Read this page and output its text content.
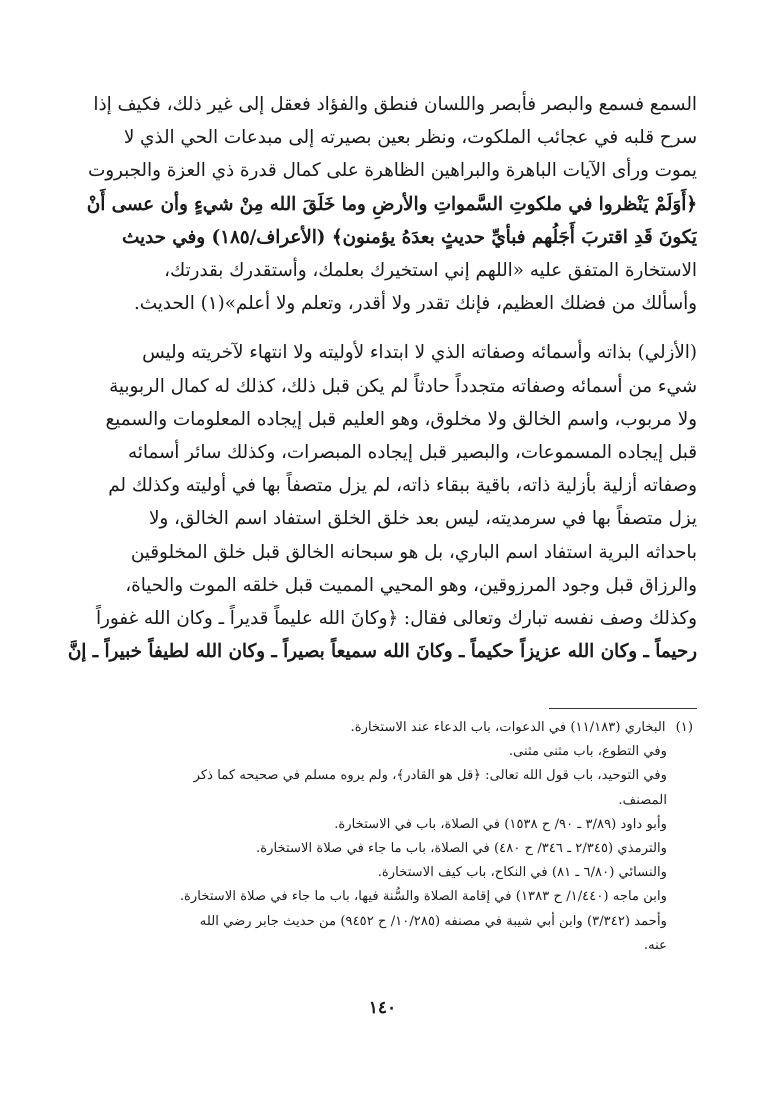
السمع فسمع والبصر فأبصر واللسان فنطق والفؤاد فعقل إلى غير ذلك، فكيف إذا
سرح قلبه في عجائب الملكوت، ونظر بعين بصيرته إلى مبدعات الحي الذي لا
يموت ورأى الآيات الباهرة والبراهين الظاهرة على كمال قدرة ذي العزة والجبروت
﴿أَوَلَمْ يَنْظروا في ملكوتِ السَّمواتِ والأرضِ وما خَلَقَ الله مِنْ شيءٍ وأن عسى أَنْ
يَكونَ قَدِ اقتربَ أَجَلُهم فبأيِّ حديثٍ بعدَهُ يؤمنون﴾ (الأعراف/١٨٥) وفي حديث
الاستخارة المتفق عليه «اللهم إني استخيرك بعلمك، وأستقدرك بقدرتك،
وأسألك من فضلك العظيم، فإنك تقدر ولا أقدر، وتعلم ولا أعلم»(١) الحديث.

(الأزلي) بذاته وأسمائه وصفاته الذي لا ابتداء لأوليته ولا انتهاء لآخريته وليس
شيء من أسمائه وصفاته متجدداً حادثاً لم يكن قبل ذلك، كذلك له كمال الربوبية
ولا مربوب، واسم الخالق ولا مخلوق، وهو العليم قبل إيجاده المعلومات والسميع
قبل إيجاده المسموعات، والبصير قبل إيجاده المبصرات، وكذلك سائر أسمائه
وصفاته أزلية بأزلية ذاته، باقية ببقاء ذاته، لم يزل متصفاً بها في أوليته وكذلك لم
يزل متصفاً بها في سرمديته، ليس بعد خلق الخلق استفاد اسم الخالق، ولا
باحداثه البرية استفاد اسم الباري، بل هو سبحانه الخالق قبل خلق المخلوقين
والرزاق قبل وجود المرزوقين، وهو المحيي المميت قبل خلقه الموت والحياة،
وكذلك وصف نفسه تبارك وتعالى فقال: ﴿وكانَ الله عليماً قديراً ـ وكان الله غفوراً
رحيماً ـ وكان الله عزيزاً حكيماً ـ وكانَ الله سميعاً بصيراً ـ وكان الله لطيفاً خبيراً ـ إنَّ

(١)
البخاري (١١/١٨٣) في الدعوات، باب الدعاء عند الاستخارة.
وفي التطوع، باب مثنى مثنى.
وفي التوحيد، باب قول الله تعالى: ﴿قل هو القادر﴾، ولم يروه مسلم في صحيحه كما ذكر
المصنف.
وأبو داود (٣/٨٩ ـ ٩٠/ ح ١٥٣٨) في الصلاة، باب في الاستخارة.
والترمذي (٢/٣٤٥ ـ ٣٤٦/ ح ٤٨٠) في الصلاة، باب ما جاء في صلاة الاستخارة.
والنسائي (٦/٨٠ ـ ٨١) في النكاح، باب كيف الاستخارة.
وابن ماجه (١/٤٤٠/ ح ١٣٨٣) في إقامة الصلاة والسُّنة فيها، باب ما جاء في صلاة الاستخارة.
وأحمد (٣/٣٤٢) وابن أبي شيبة في مصنفه (١٠/٢٨٥/ ح ٩٤٥٢) من حديث جابر رضي الله
عنه.
١٤٠
